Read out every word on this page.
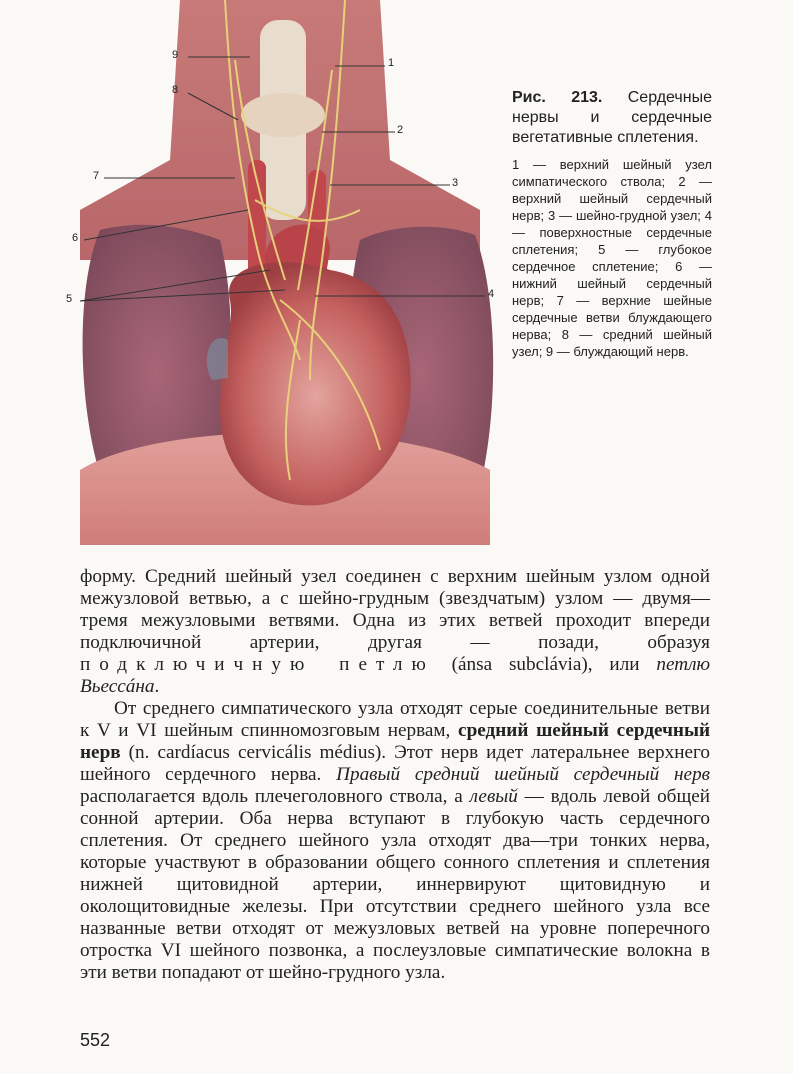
9
8
7
6
5
1
2
3
4

Рис. 213. Сердечные нервы и сердечные вегетативные сплетения.

1 — верхний шейный узел симпатического ствола; 2 — верхний шейный сердечный нерв; 3 — шейно-грудной узел; 4 — поверхностные сердечные сплетения; 5 — глубокое сердечное сплетение; 6 — нижний шейный сердечный нерв; 7 — верхние шейные сердечные ветви блуждающего нерва; 8 — средний шейный узел; 9 — блуждающий нерв.

форму. Средний шейный узел соединен с верхним шейным узлом одной межузловой ветвью, а с шейно-грудным (звездчатым) узлом — двумя—тремя межузловыми ветвями. Одна из этих ветвей проходит впереди подключичной артерии, другая — позади, образуя подключичную петлю (ánsa subclávia), или петлю Вьессáна.

От среднего симпатического узла отходят серые соединительные ветви к V и VI шейным спинномозговым нервам, средний шейный сердечный нерв (n. cardíacus cervicális médius). Этот нерв идет латеральнее верхнего шейного сердечного нерва. Правый средний шейный сердечный нерв располагается вдоль плечеголовного ствола, а левый — вдоль левой общей сонной артерии. Оба нерва вступают в глубокую часть сердечного сплетения. От среднего шейного узла отходят два—три тонких нерва, которые участвуют в образовании общего сонного сплетения и сплетения нижней щитовидной артерии, иннервируют щитовидную и околощитовидные железы. При отсутствии среднего шейного узла все названные ветви отходят от межузловых ветвей на уровне поперечного отростка VI шейного позвонка, а послеузловые симпатические волокна в эти ветви попадают от шейно-грудного узла.

552
